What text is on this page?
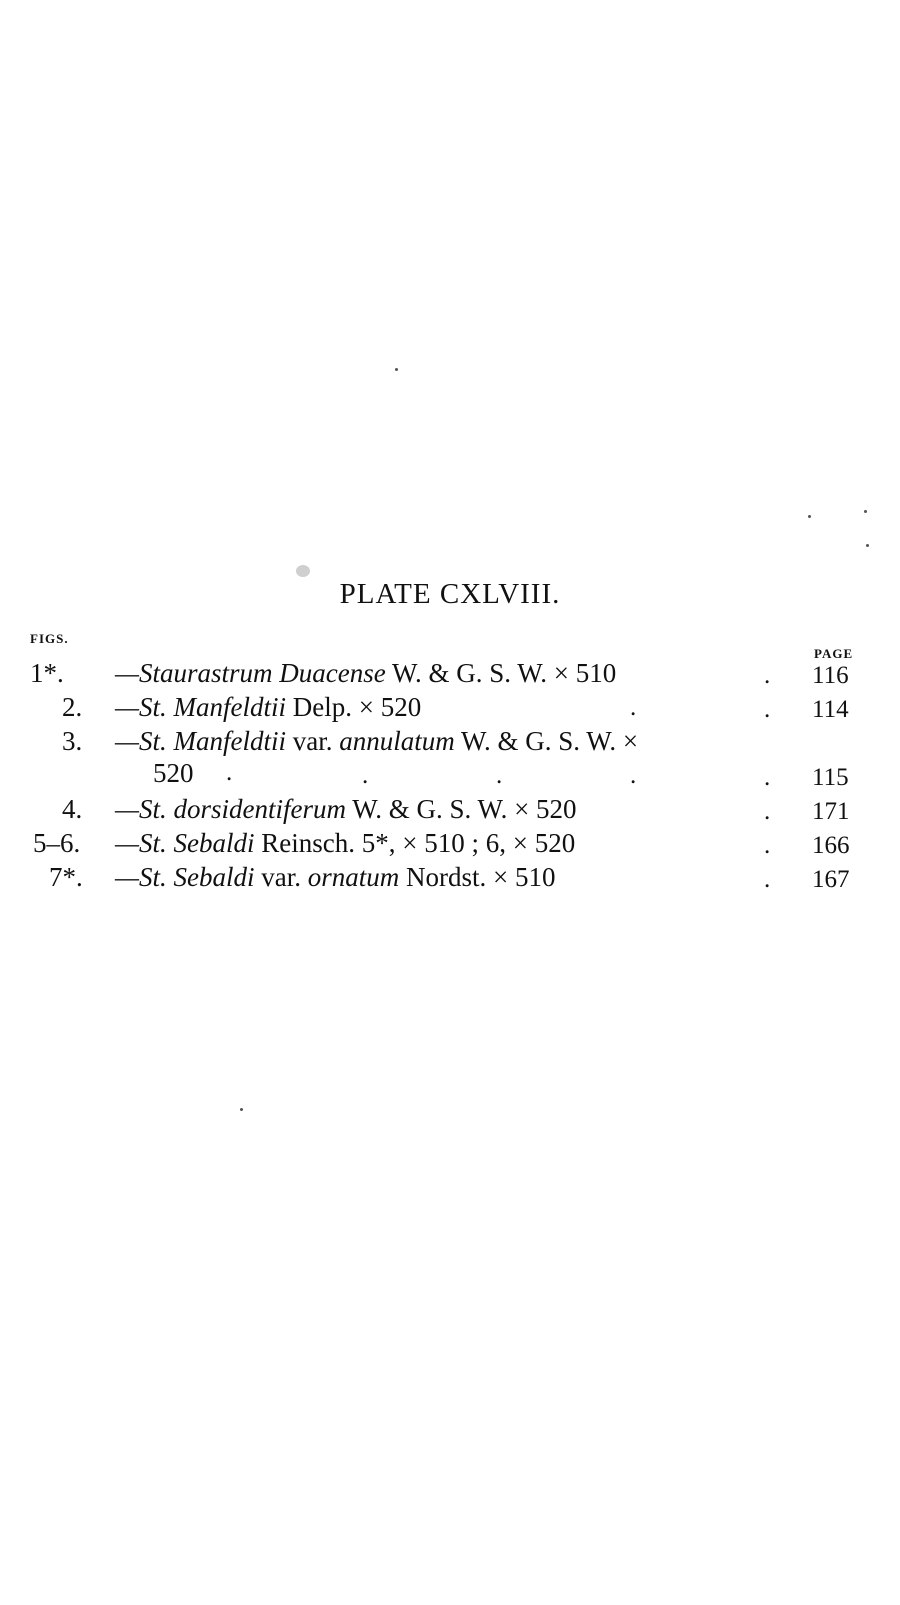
PLATE CXLVIII.
FIGS.
PAGE
1*. —Staurastrum Duacense W. & G. S. W. × 510	. 116
2. —St. Manfeldtii Delp. × 520	.	. 114
3. —St. Manfeldtii var. annulatum W. & G. S. W. ×
520 .	.	.	.	. 115
4. —St. dorsidentiferum W. & G. S. W. × 520	. 171
5–6. —St. Sebaldi Reinsch. 5*, × 510 ; 6, × 520	. 166
7*. —St. Sebaldi var. ornatum Nordst. × 510	. 167
